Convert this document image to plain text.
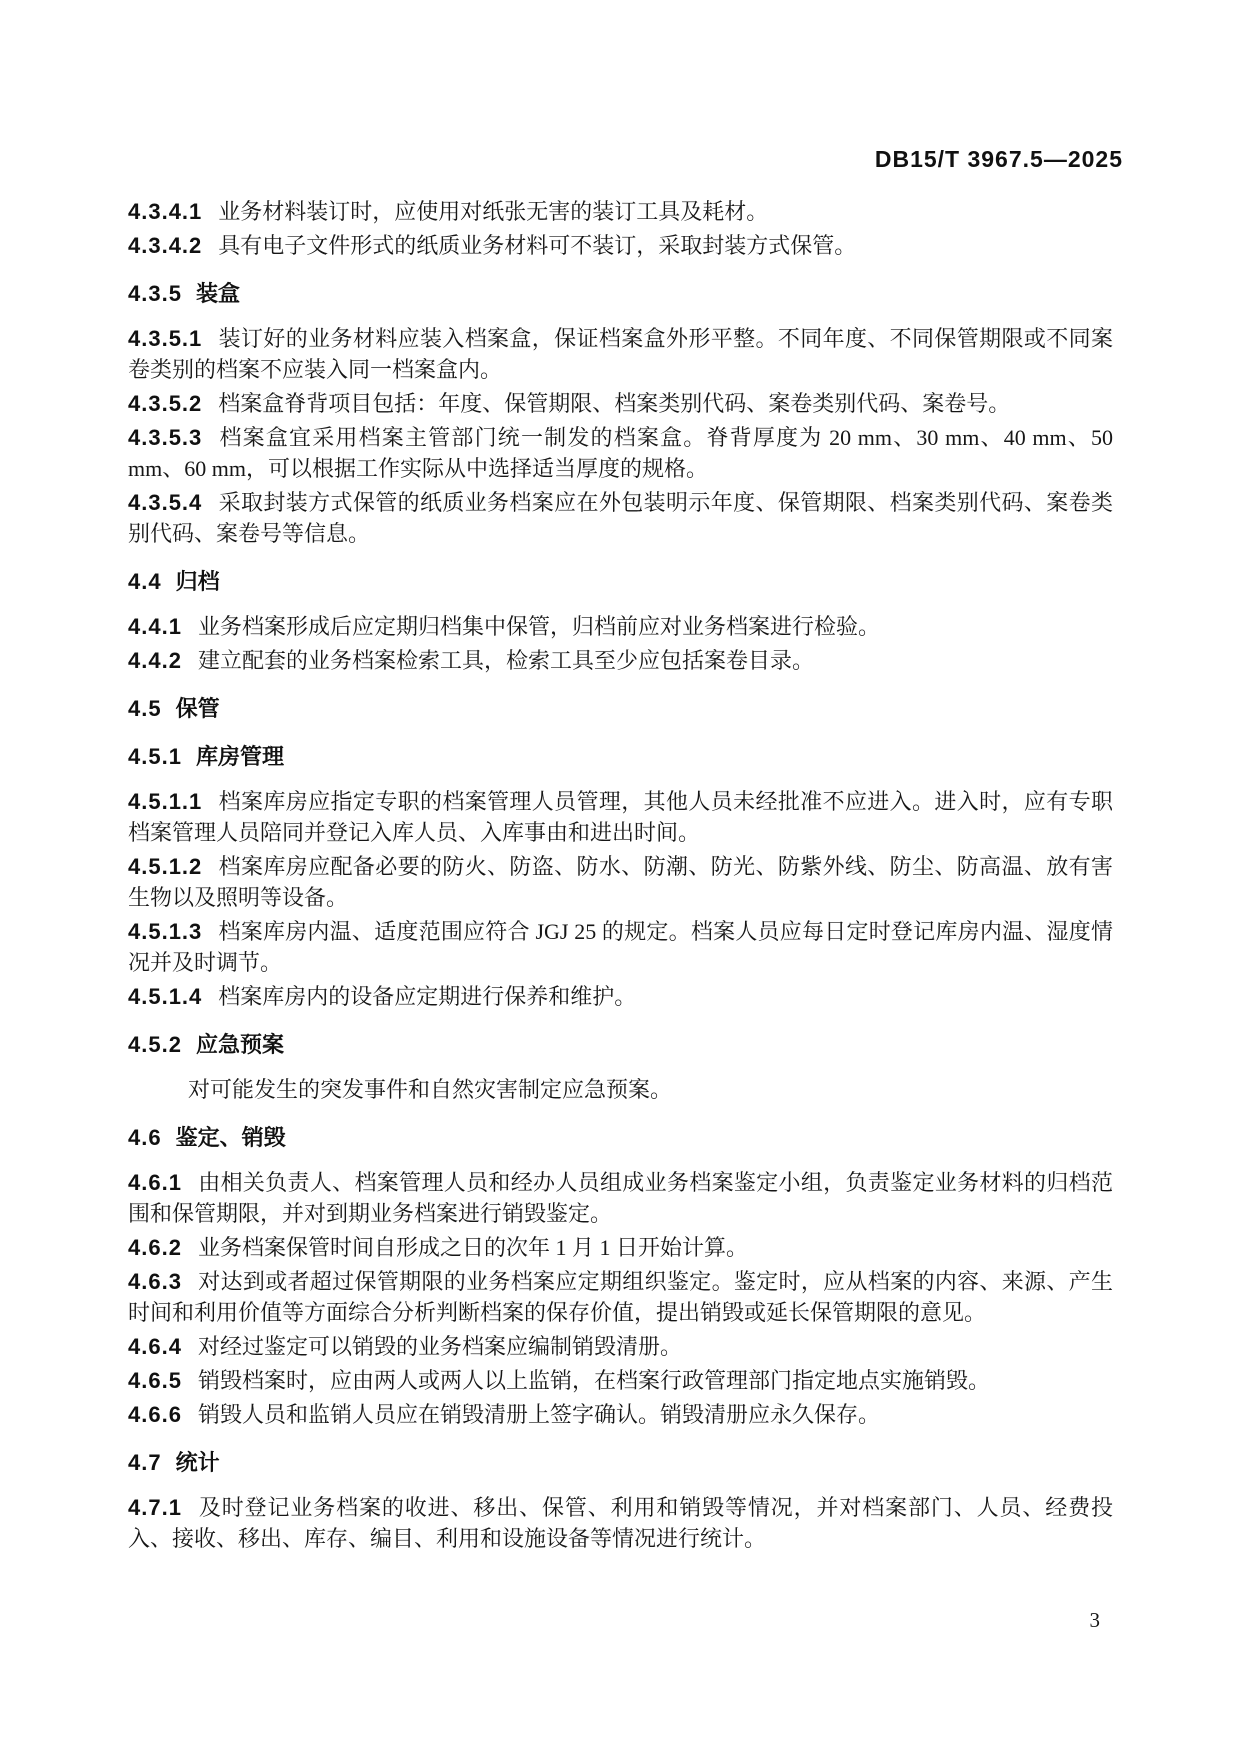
DB15/T 3967.5—2025

4.3.4.1 业务材料装订时，应使用对纸张无害的装订工具及耗材。

4.3.4.2 具有电子文件形式的纸质业务材料可不装订，采取封装方式保管。

4.3.5 装盒

4.3.5.1 装订好的业务材料应装入档案盒，保证档案盒外形平整。不同年度、不同保管期限或不同案卷类别的档案不应装入同一档案盒内。

4.3.5.2 档案盒脊背项目包括：年度、保管期限、档案类别代码、案卷类别代码、案卷号。

4.3.5.3 档案盒宜采用档案主管部门统一制发的档案盒。脊背厚度为 20 mm、30 mm、40 mm、50 mm、60 mm，可以根据工作实际从中选择适当厚度的规格。

4.3.5.4 采取封装方式保管的纸质业务档案应在外包装明示年度、保管期限、档案类别代码、案卷类别代码、案卷号等信息。

4.4 归档

4.4.1 业务档案形成后应定期归档集中保管，归档前应对业务档案进行检验。

4.4.2 建立配套的业务档案检索工具，检索工具至少应包括案卷目录。

4.5 保管

4.5.1 库房管理

4.5.1.1 档案库房应指定专职的档案管理人员管理，其他人员未经批准不应进入。进入时，应有专职档案管理人员陪同并登记入库人员、入库事由和进出时间。

4.5.1.2 档案库房应配备必要的防火、防盗、防水、防潮、防光、防紫外线、防尘、防高温、放有害生物以及照明等设备。

4.5.1.3 档案库房内温、适度范围应符合 JGJ 25 的规定。档案人员应每日定时登记库房内温、湿度情况并及时调节。

4.5.1.4 档案库房内的设备应定期进行保养和维护。

4.5.2 应急预案

对可能发生的突发事件和自然灾害制定应急预案。

4.6 鉴定、销毁

4.6.1 由相关负责人、档案管理人员和经办人员组成业务档案鉴定小组，负责鉴定业务材料的归档范围和保管期限，并对到期业务档案进行销毁鉴定。

4.6.2 业务档案保管时间自形成之日的次年 1 月 1 日开始计算。

4.6.3 对达到或者超过保管期限的业务档案应定期组织鉴定。鉴定时，应从档案的内容、来源、产生时间和利用价值等方面综合分析判断档案的保存价值，提出销毁或延长保管期限的意见。

4.6.4 对经过鉴定可以销毁的业务档案应编制销毁清册。

4.6.5 销毁档案时，应由两人或两人以上监销，在档案行政管理部门指定地点实施销毁。

4.6.6 销毁人员和监销人员应在销毁清册上签字确认。销毁清册应永久保存。

4.7 统计

4.7.1 及时登记业务档案的收进、移出、保管、利用和销毁等情况，并对档案部门、人员、经费投入、接收、移出、库存、编目、利用和设施设备等情况进行统计。

3
